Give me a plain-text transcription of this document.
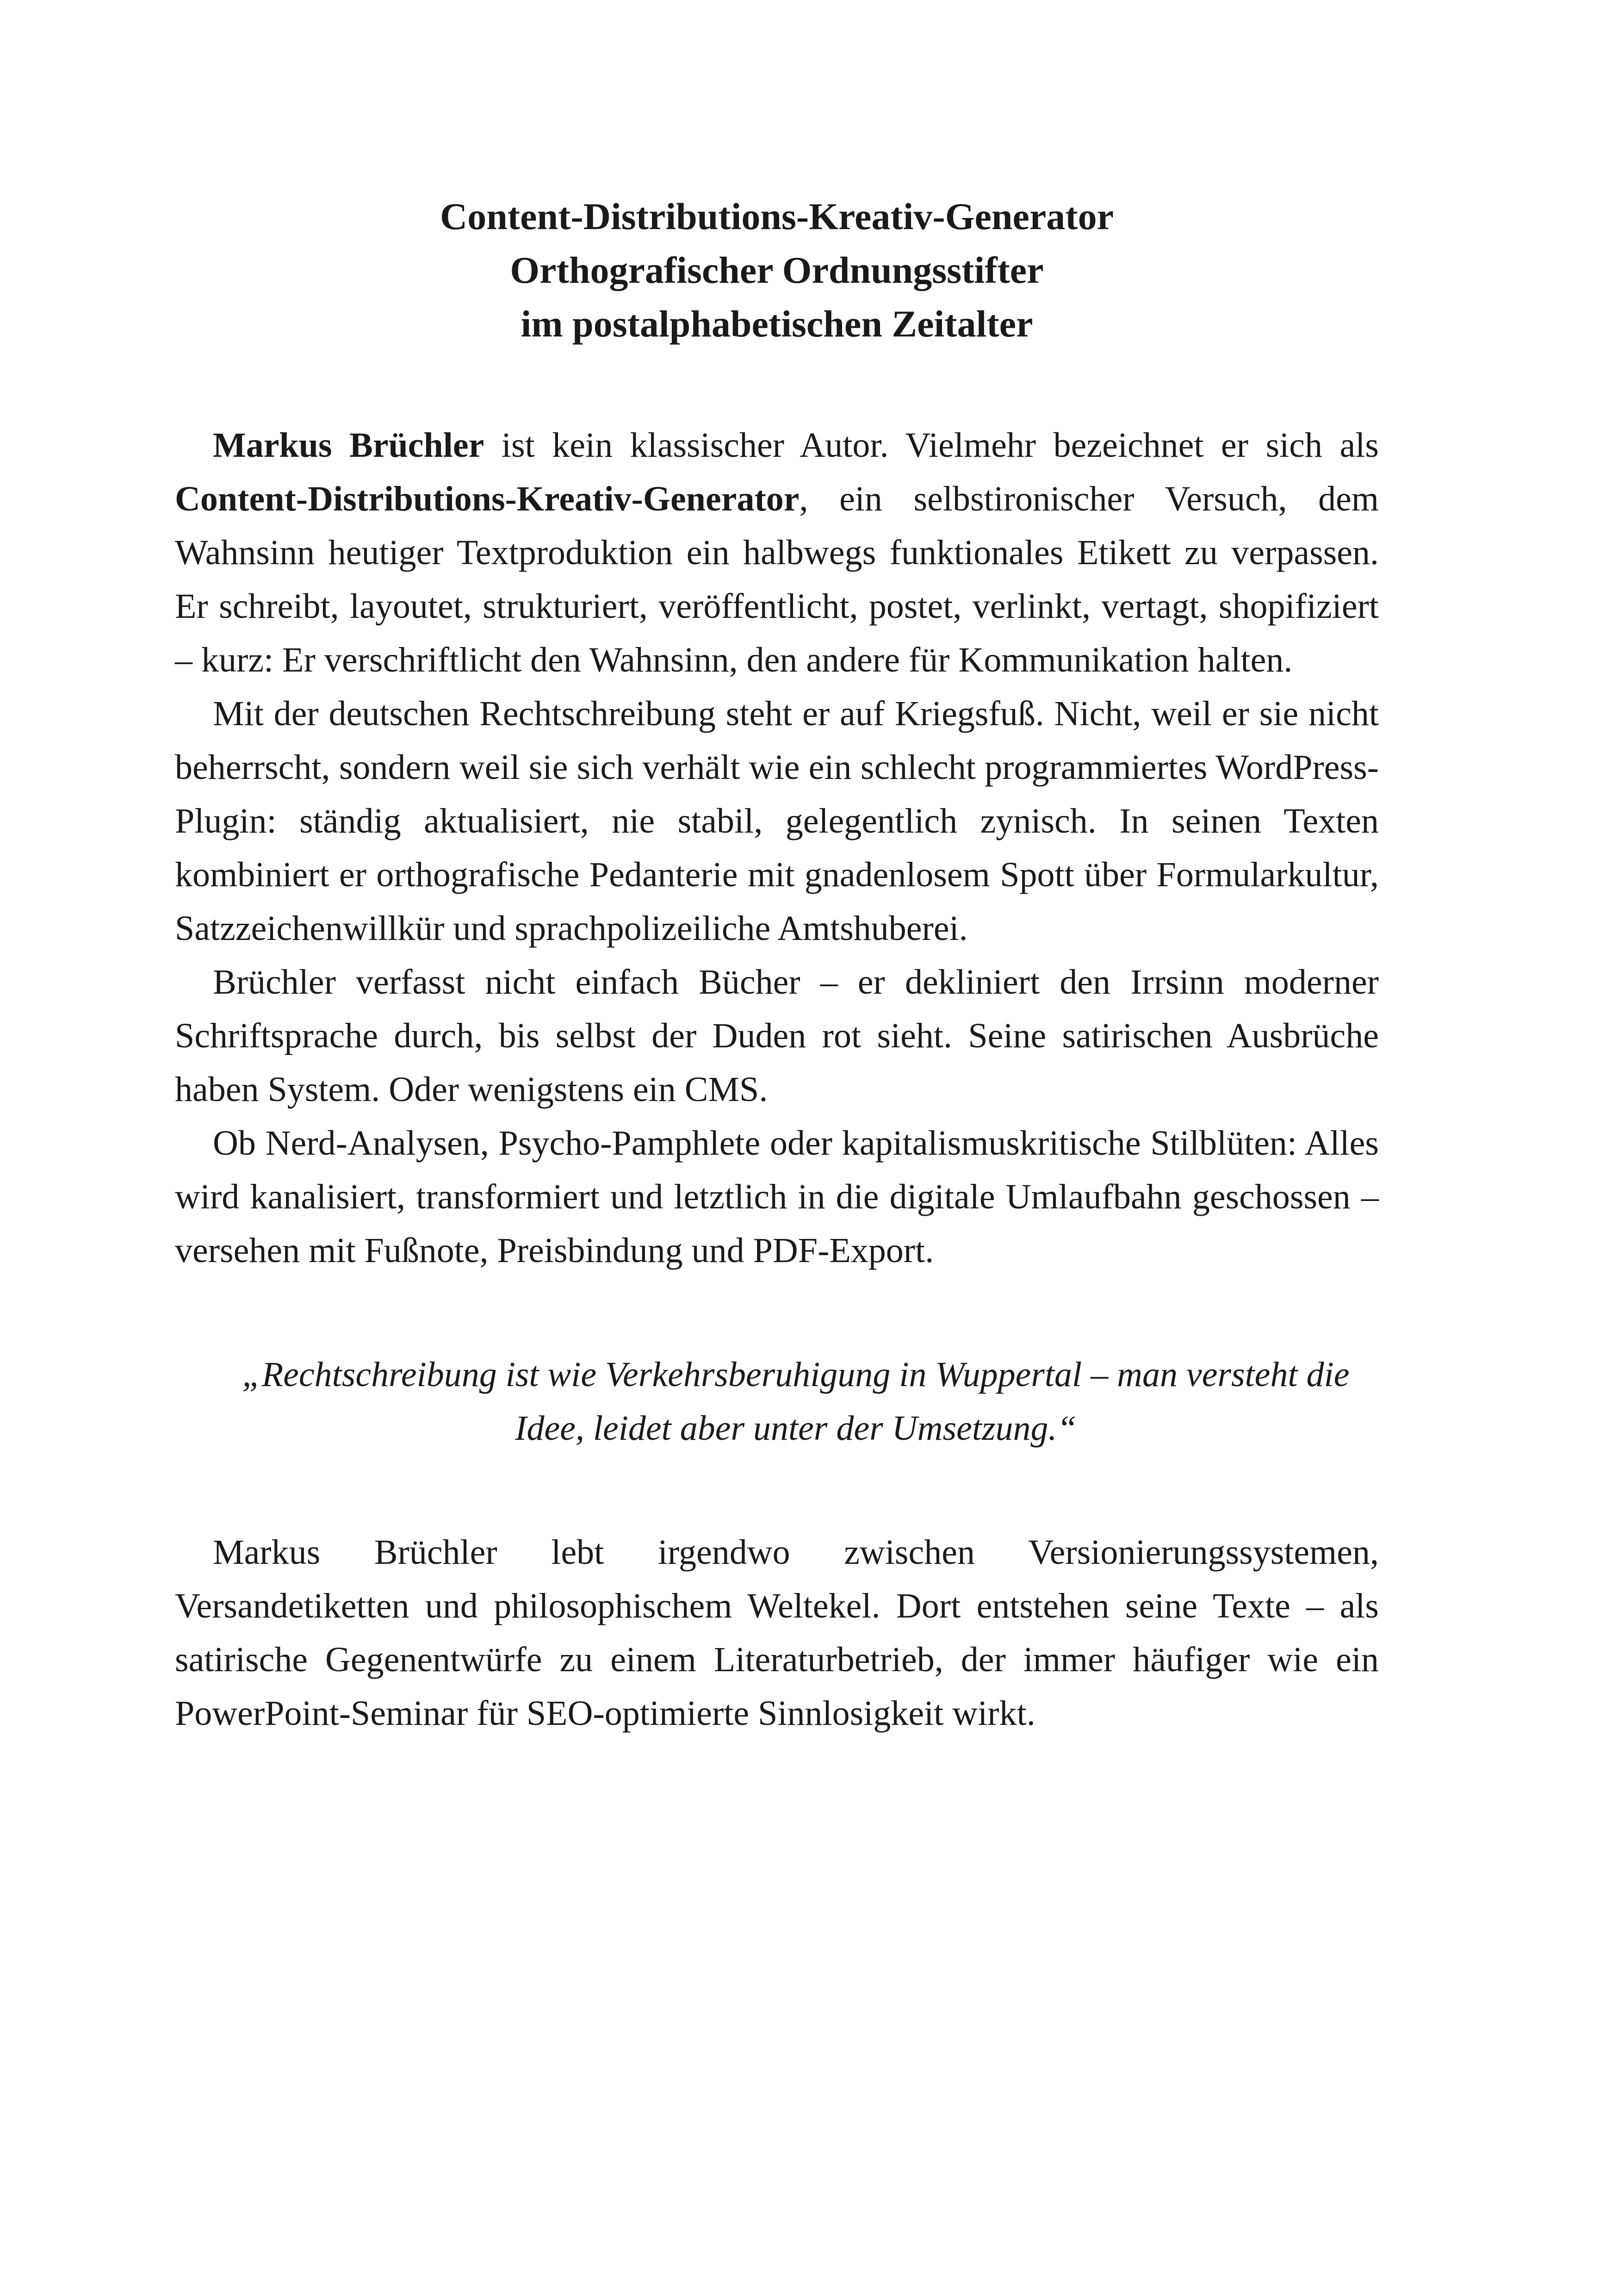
Content-Distributions-Kreativ-Generator
Orthografischer Ordnungsstifter
im postalphabetischen Zeitalter

Markus Brüchler ist kein klassischer Autor. Vielmehr bezeichnet er sich als Content-Distributions-Kreativ-Generator, ein selbstironischer Versuch, dem Wahnsinn heutiger Textproduktion ein halbwegs funktionales Etikett zu verpassen. Er schreibt, layoutet, strukturiert, veröffentlicht, postet, verlinkt, vertagt, shopifiziert – kurz: Er verschriftlicht den Wahnsinn, den andere für Kommunikation halten.

Mit der deutschen Rechtschreibung steht er auf Kriegsfuß. Nicht, weil er sie nicht beherrscht, sondern weil sie sich verhält wie ein schlecht programmiertes WordPress-Plugin: ständig aktualisiert, nie stabil, gelegentlich zynisch. In seinen Texten kombiniert er orthografische Pedanterie mit gnadenlosem Spott über Formularkultur, Satzzeichenwillkür und sprachpolizeiliche Amtshuberei.

Brüchler verfasst nicht einfach Bücher – er dekliniert den Irrsinn moderner Schriftsprache durch, bis selbst der Duden rot sieht. Seine satirischen Ausbrüche haben System. Oder wenigstens ein CMS.

Ob Nerd-Analysen, Psycho-Pamphlete oder kapitalismuskritische Stilblüten: Alles wird kanalisiert, transformiert und letztlich in die digitale Umlaufbahn geschossen – versehen mit Fußnote, Preisbindung und PDF-Export.

„Rechtschreibung ist wie Verkehrsberuhigung in Wuppertal – man versteht die Idee, leidet aber unter der Umsetzung.“

Markus Brüchler lebt irgendwo zwischen Versionierungssystemen, Versandetiketten und philosophischem Weltekel. Dort entstehen seine Texte – als satirische Gegenentwürfe zu einem Literaturbetrieb, der immer häufiger wie ein PowerPoint-Seminar für SEO-optimierte Sinnlosigkeit wirkt.
